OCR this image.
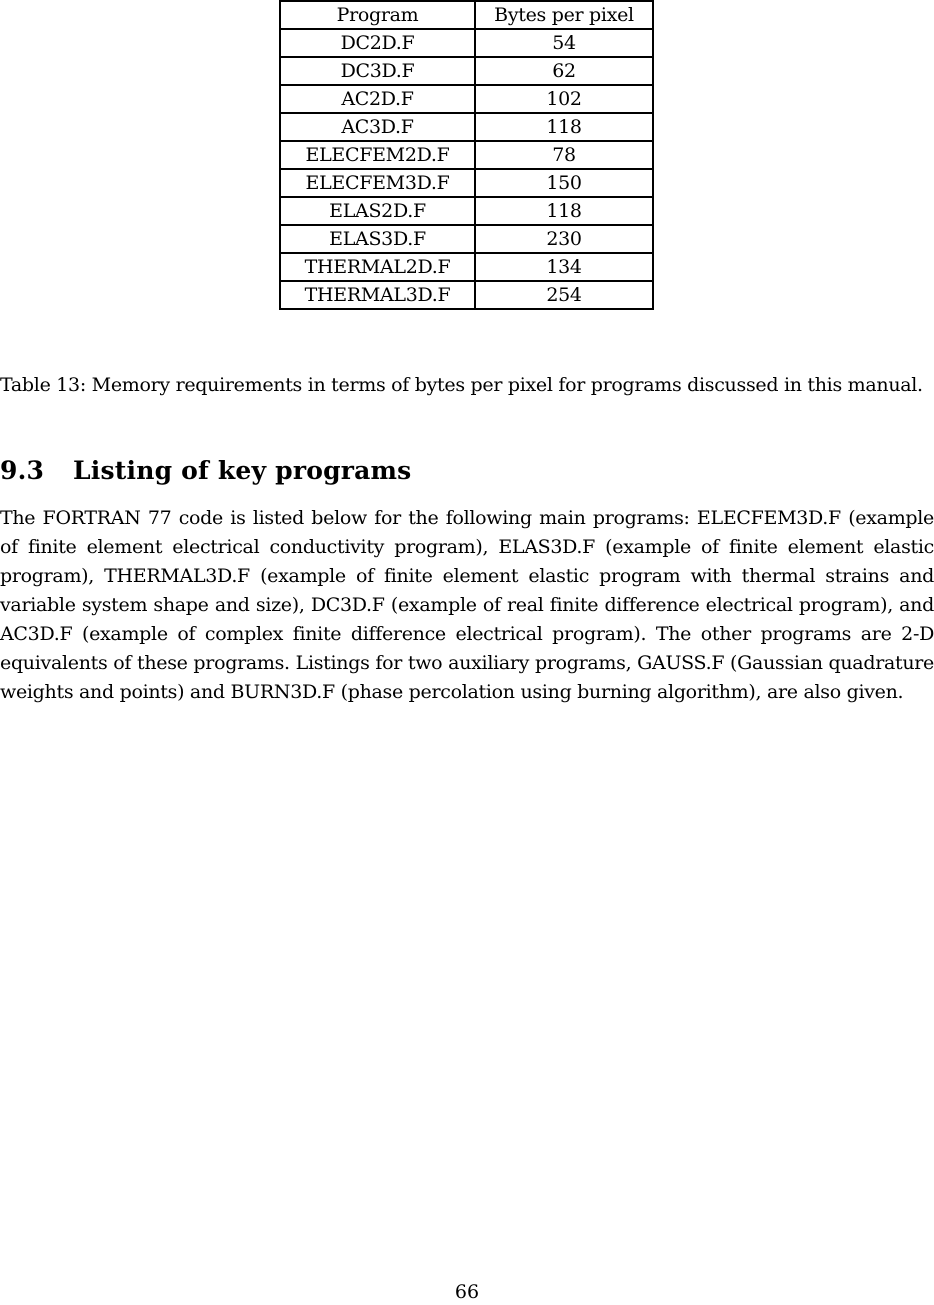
Program	Bytes per pixel
DC2D.F	54
DC3D.F	62
AC2D.F	102
AC3D.F	118
ELECFEM2D.F	78
ELECFEM3D.F	150
ELAS2D.F	118
ELAS3D.F	230
THERMAL2D.F	134
THERMAL3D.F	254
Table 13: Memory requirements in terms of bytes per pixel for programs discussed in this manual.
9.3 Listing of key programs
The FORTRAN 77 code is listed below for the following main programs: ELECFEM3D.F (example of finite element electrical conductivity program), ELAS3D.F (example of finite element elastic program), THERMAL3D.F (example of finite element elastic program with thermal strains and variable system shape and size), DC3D.F (example of real finite difference electrical program), and AC3D.F (example of complex finite difference electrical program). The other programs are 2-D equivalents of these programs. Listings for two auxiliary programs, GAUSS.F (Gaussian quadrature weights and points) and BURN3D.F (phase percolation using burning algorithm), are also given.
66
